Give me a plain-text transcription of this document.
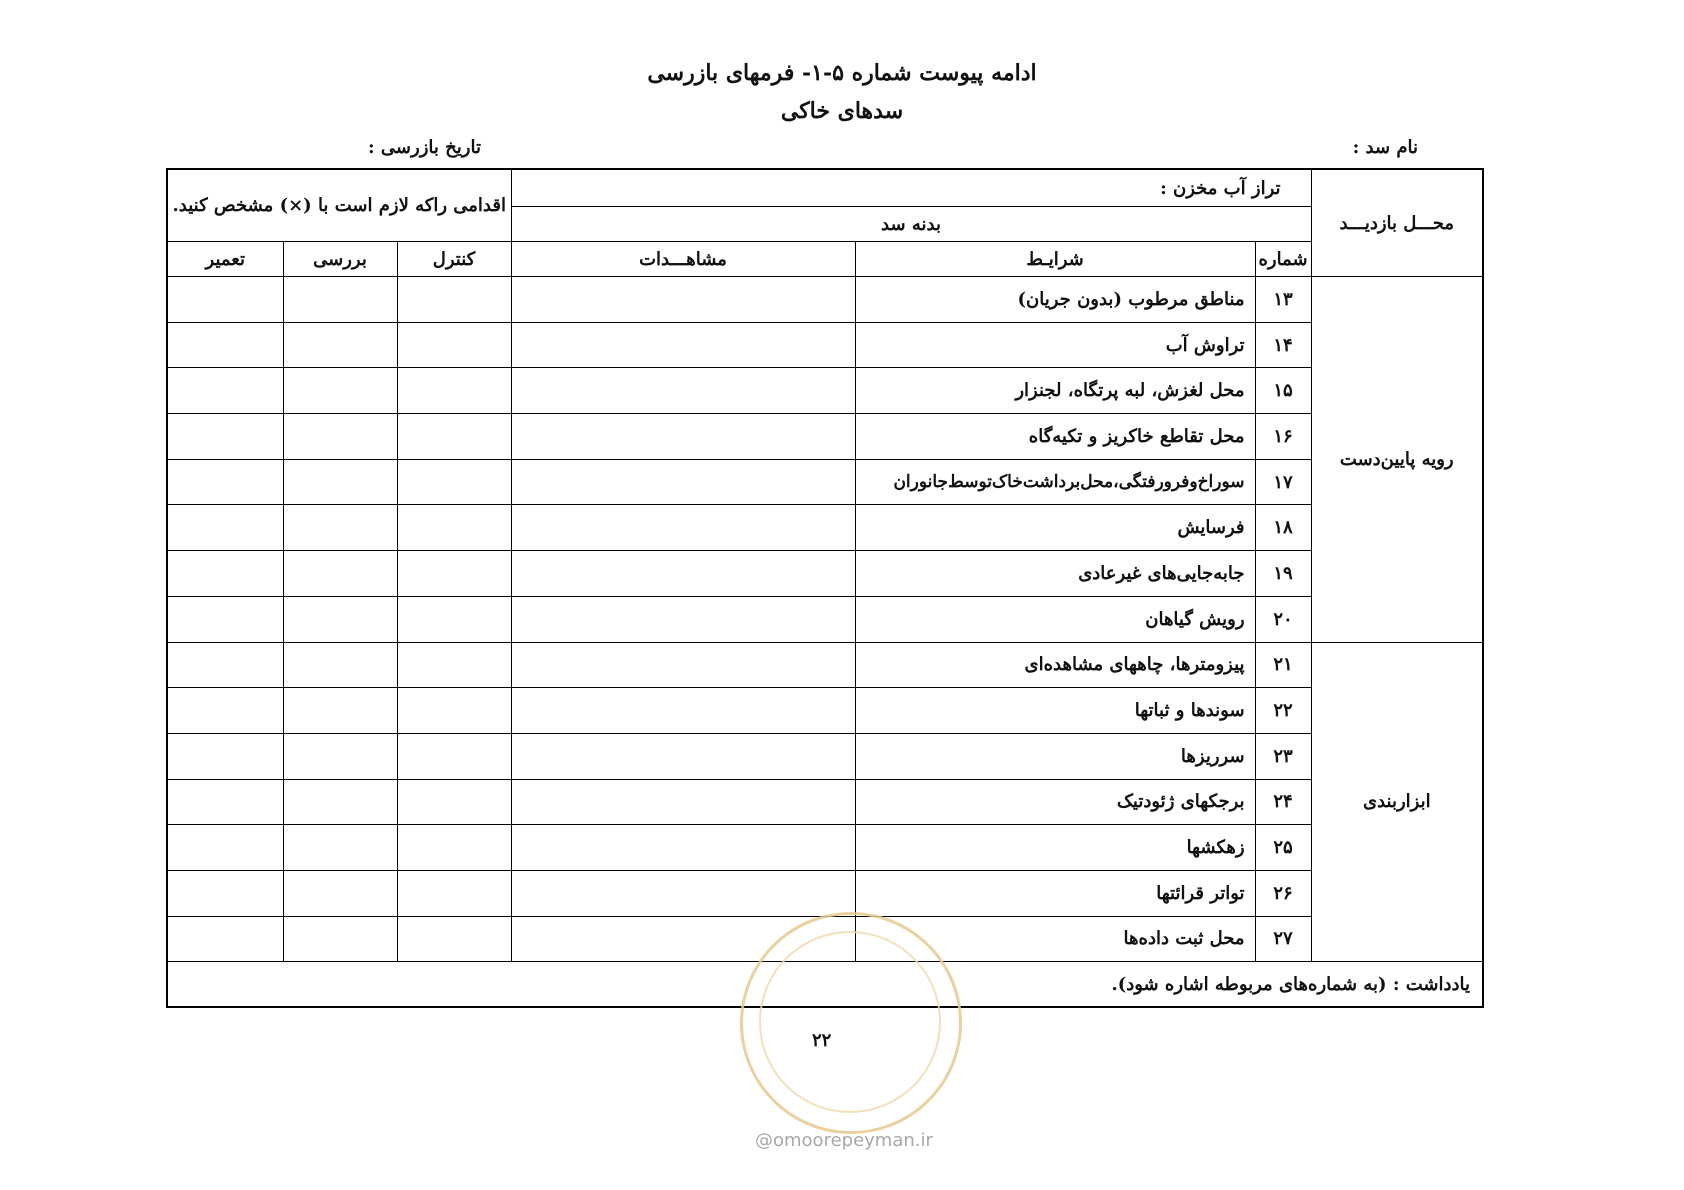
ادامه پیوست شماره ۵-۱- فرمهای بازرسی
سدهای خاکی
نام سد :
تاریخ بازرسی :
محـــل بازدیـــد	تراز آب مخزن :			اقدامی راکه لازم است با (×) مشخص کنید.		
	بدنه سد					
	شماره	شرایـط	مشاهـــدات	کنترل	بررسی	تعمیر
رویه پایین‌دست	۱۳	مناطق مرطوب (بدون جریان)				
	۱۴	تراوش آب				
	۱۵	محل لغزش، لبه پرتگاه، لجنزار				
	۱۶	محل تقاطع خاکریز و تکیه‌گاه				
	۱۷	سوراخ‌وفرورفتگی،محل‌برداشت‌خاک‌توسط‌جانوران				
	۱۸	فرسایش				
	۱۹	جابه‌جایی‌های غیرعادی				
	۲۰	رویش گیاهان				
ابزاربندی	۲۱	پیزومترها، چاههای مشاهده‌ای				
	۲۲	سوندها و ثباتها				
	۲۳	سرریزها				
	۲۴	برجکهای ژئودتیک				
	۲۵	زهکشها				
	۲۶	تواتر قرائتها				
	۲۷	محل ثبت داده‌ها				
یادداشت : (به شماره‌های مربوطه اشاره شود).						
۲۲
@omoorepeyman.ir
